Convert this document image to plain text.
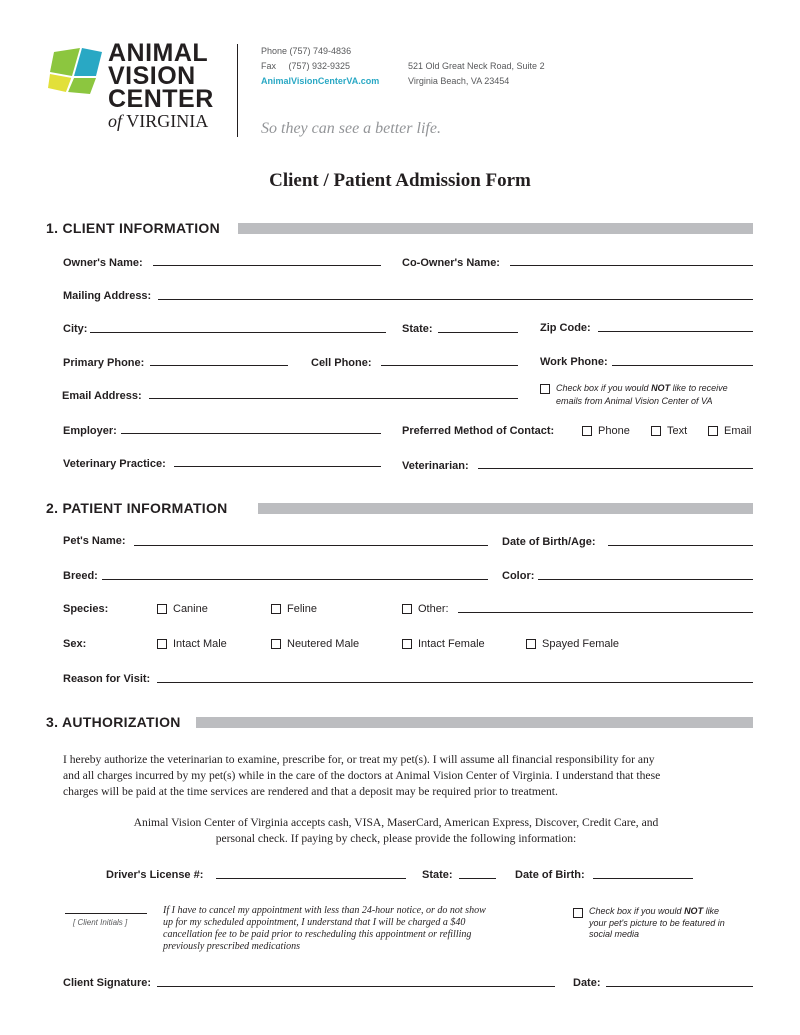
ANIMAL
VISION
CENTER
of VIRGINIA
Phone (757) 749-4836
Fax     (757) 932-9325
AnimalVisionCenterVA.com
521 Old Great Neck Road, Suite 2
Virginia Beach, VA 23454
So they can see a better life.
Client / Patient Admission Form
1. CLIENT INFORMATION
Owner's Name:	Co-Owner's Name:
Mailing Address:
City:	State:	Zip Code:
Primary Phone:	Cell Phone:	Work Phone:
Email Address:
Check box if you would NOT like to receive
emails from Animal Vision Center of VA
Employer:	Preferred Method of Contact:	Phone	Text	Email
Veterinary Practice:	Veterinarian:
2. PATIENT INFORMATION
Pet's Name:	Date of Birth/Age:
Breed:	Color:
Species:	Canine	Feline	Other:
Sex:	Intact Male	Neutered Male	Intact Female	Spayed Female
Reason for Visit:
3. AUTHORIZATION
I hereby authorize the veterinarian to examine, prescribe for, or treat my pet(s). I will assume all financial responsibility for any
and all charges incurred by my pet(s) while in the care of the doctors at Animal Vision Center of Virginia. I understand that these
charges will be paid at the time services are rendered and that a deposit may be required prior to treatment.
Animal Vision Center of Virginia accepts cash, VISA, MaserCard, American Express, Discover, Credit Care, and
personal check. If paying by check, please provide the following information:
Driver's License #:	State:	Date of Birth:
[ Client Initials ]
If I have to cancel my appointment with less than 24-hour notice, or do not show
up for my scheduled appointment, I understand that I will be charged a $40
cancellation fee to be paid prior to rescheduling this appointment or refilling
previously prescribed medications
Check box if you would NOT like
your pet's picture to be featured in
social media
Client Signature:	Date:
